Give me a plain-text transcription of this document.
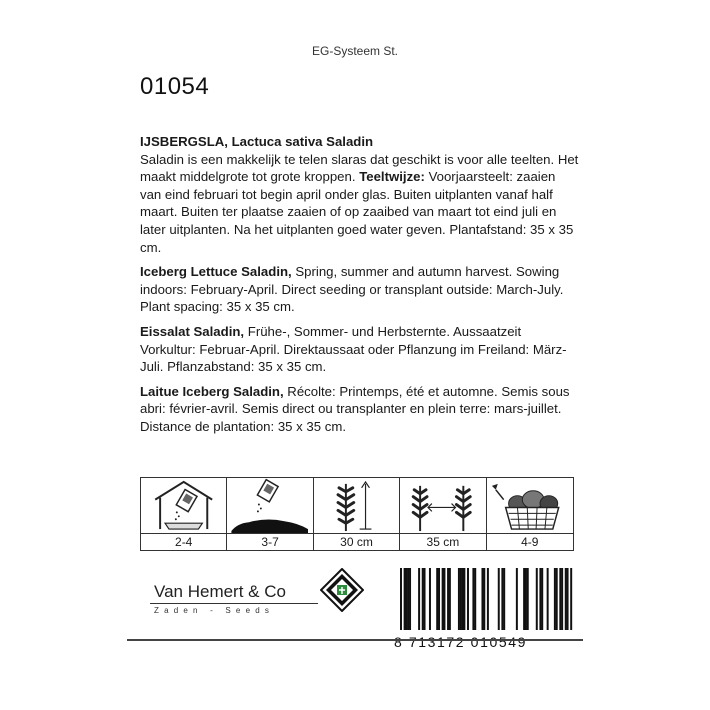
EG-Systeem St.
01054

IJSBERGSLA, Lactuca sativa Saladin
Saladin is een makkelijk te telen slaras dat geschikt is voor alle teelten. Het maakt middelgrote tot grote kroppen. Teeltwijze: Voorjaarsteelt: zaaien van eind februari tot begin april onder glas. Buiten uitplanten vanaf half maart. Buiten ter plaatse zaaien of op zaaibed van maart tot eind juli en later uitplanten. Na het uitplanten goed water geven. Plantafstand: 35 x 35 cm.

Iceberg Lettuce Saladin, Spring, summer and autumn harvest. Sowing indoors: February-April. Direct seeding or transplant outside: March-July. Plant spacing: 35 x 35 cm.

Eissalat Saladin, Frühe-, Sommer- und Herbsternte. Aussaatzeit Vorkultur: Februar-April. Direktaussaat oder Pflanzung im Freiland: März-Juli. Pflanzabstand: 35 x 35 cm.

Laitue Iceberg Saladin, Récolte: Printemps, été et automne. Semis sous abri: février-avril. Semis direct ou transplanter en plein terre: mars-juillet. Distance de plantation: 35 x 35 cm.

2-4	3-7	30 cm	35 cm	4-9
Van Hemert & Co
Zaden - Seeds
8 713172 010549
